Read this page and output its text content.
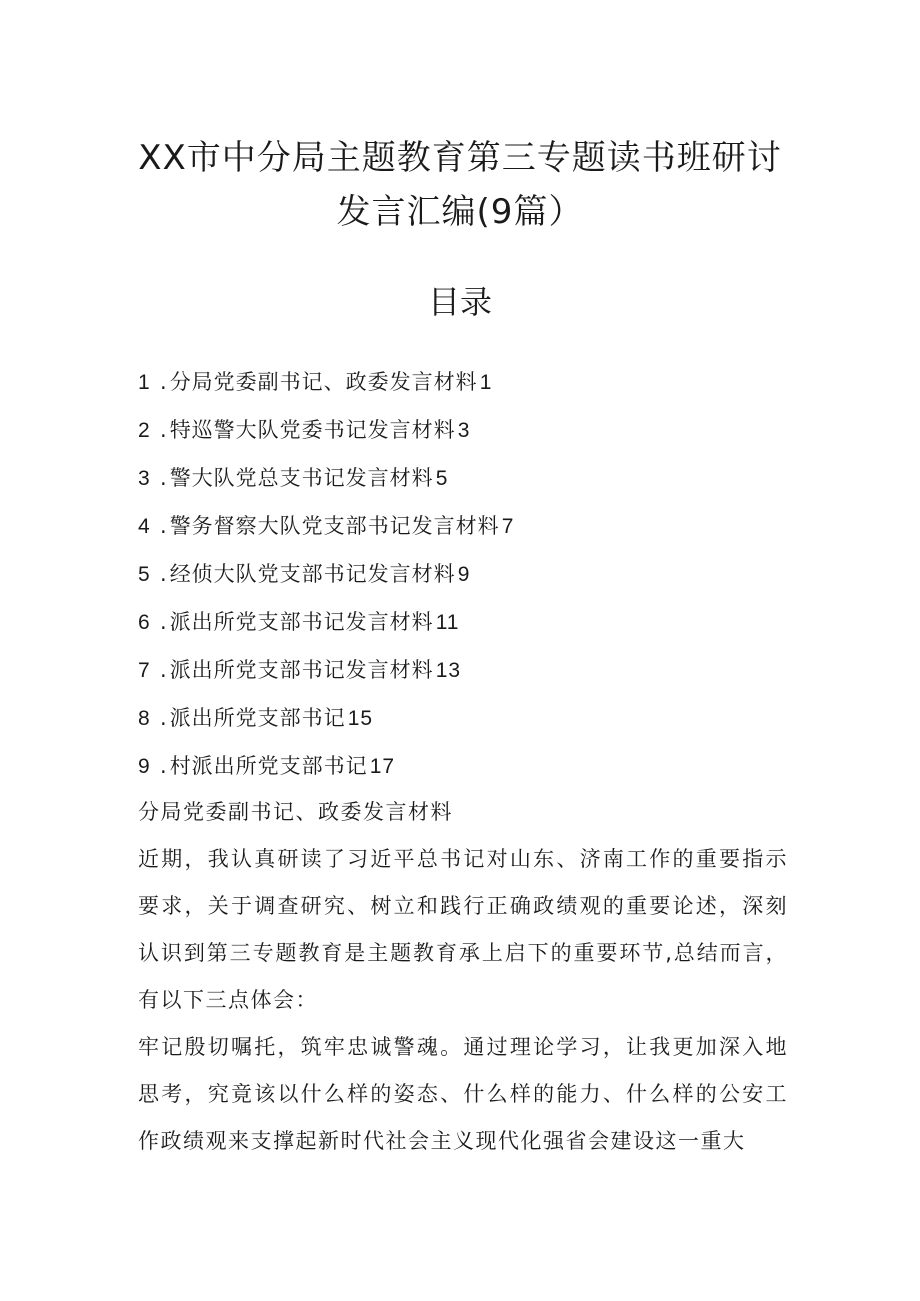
XX市中分局主题教育第三专题读书班研讨
发言汇编(9篇）
目录
1 .分局党委副书记、政委发言材料1
2 .特巡警大队党委书记发言材料3
3 .警大队党总支书记发言材料5
4 .警务督察大队党支部书记发言材料7
5 .经侦大队党支部书记发言材料9
6 .派出所党支部书记发言材料11
7 .派出所党支部书记发言材料13
8 .派出所党支部书记15
9 .村派出所党支部书记17
分局党委副书记、政委发言材料

近期，我认真研读了习近平总书记对山东、济南工作的重要指示要求，关于调查研究、树立和践行正确政绩观的重要论述，深刻认识到第三专题教育是主题教育承上启下的重要环节,总结而言，有以下三点体会：

牢记殷切嘱托，筑牢忠诚警魂。通过理论学习，让我更加深入地思考，究竟该以什么样的姿态、什么样的能力、什么样的公安工作政绩观来支撑起新时代社会主义现代化强省会建设这一重大
